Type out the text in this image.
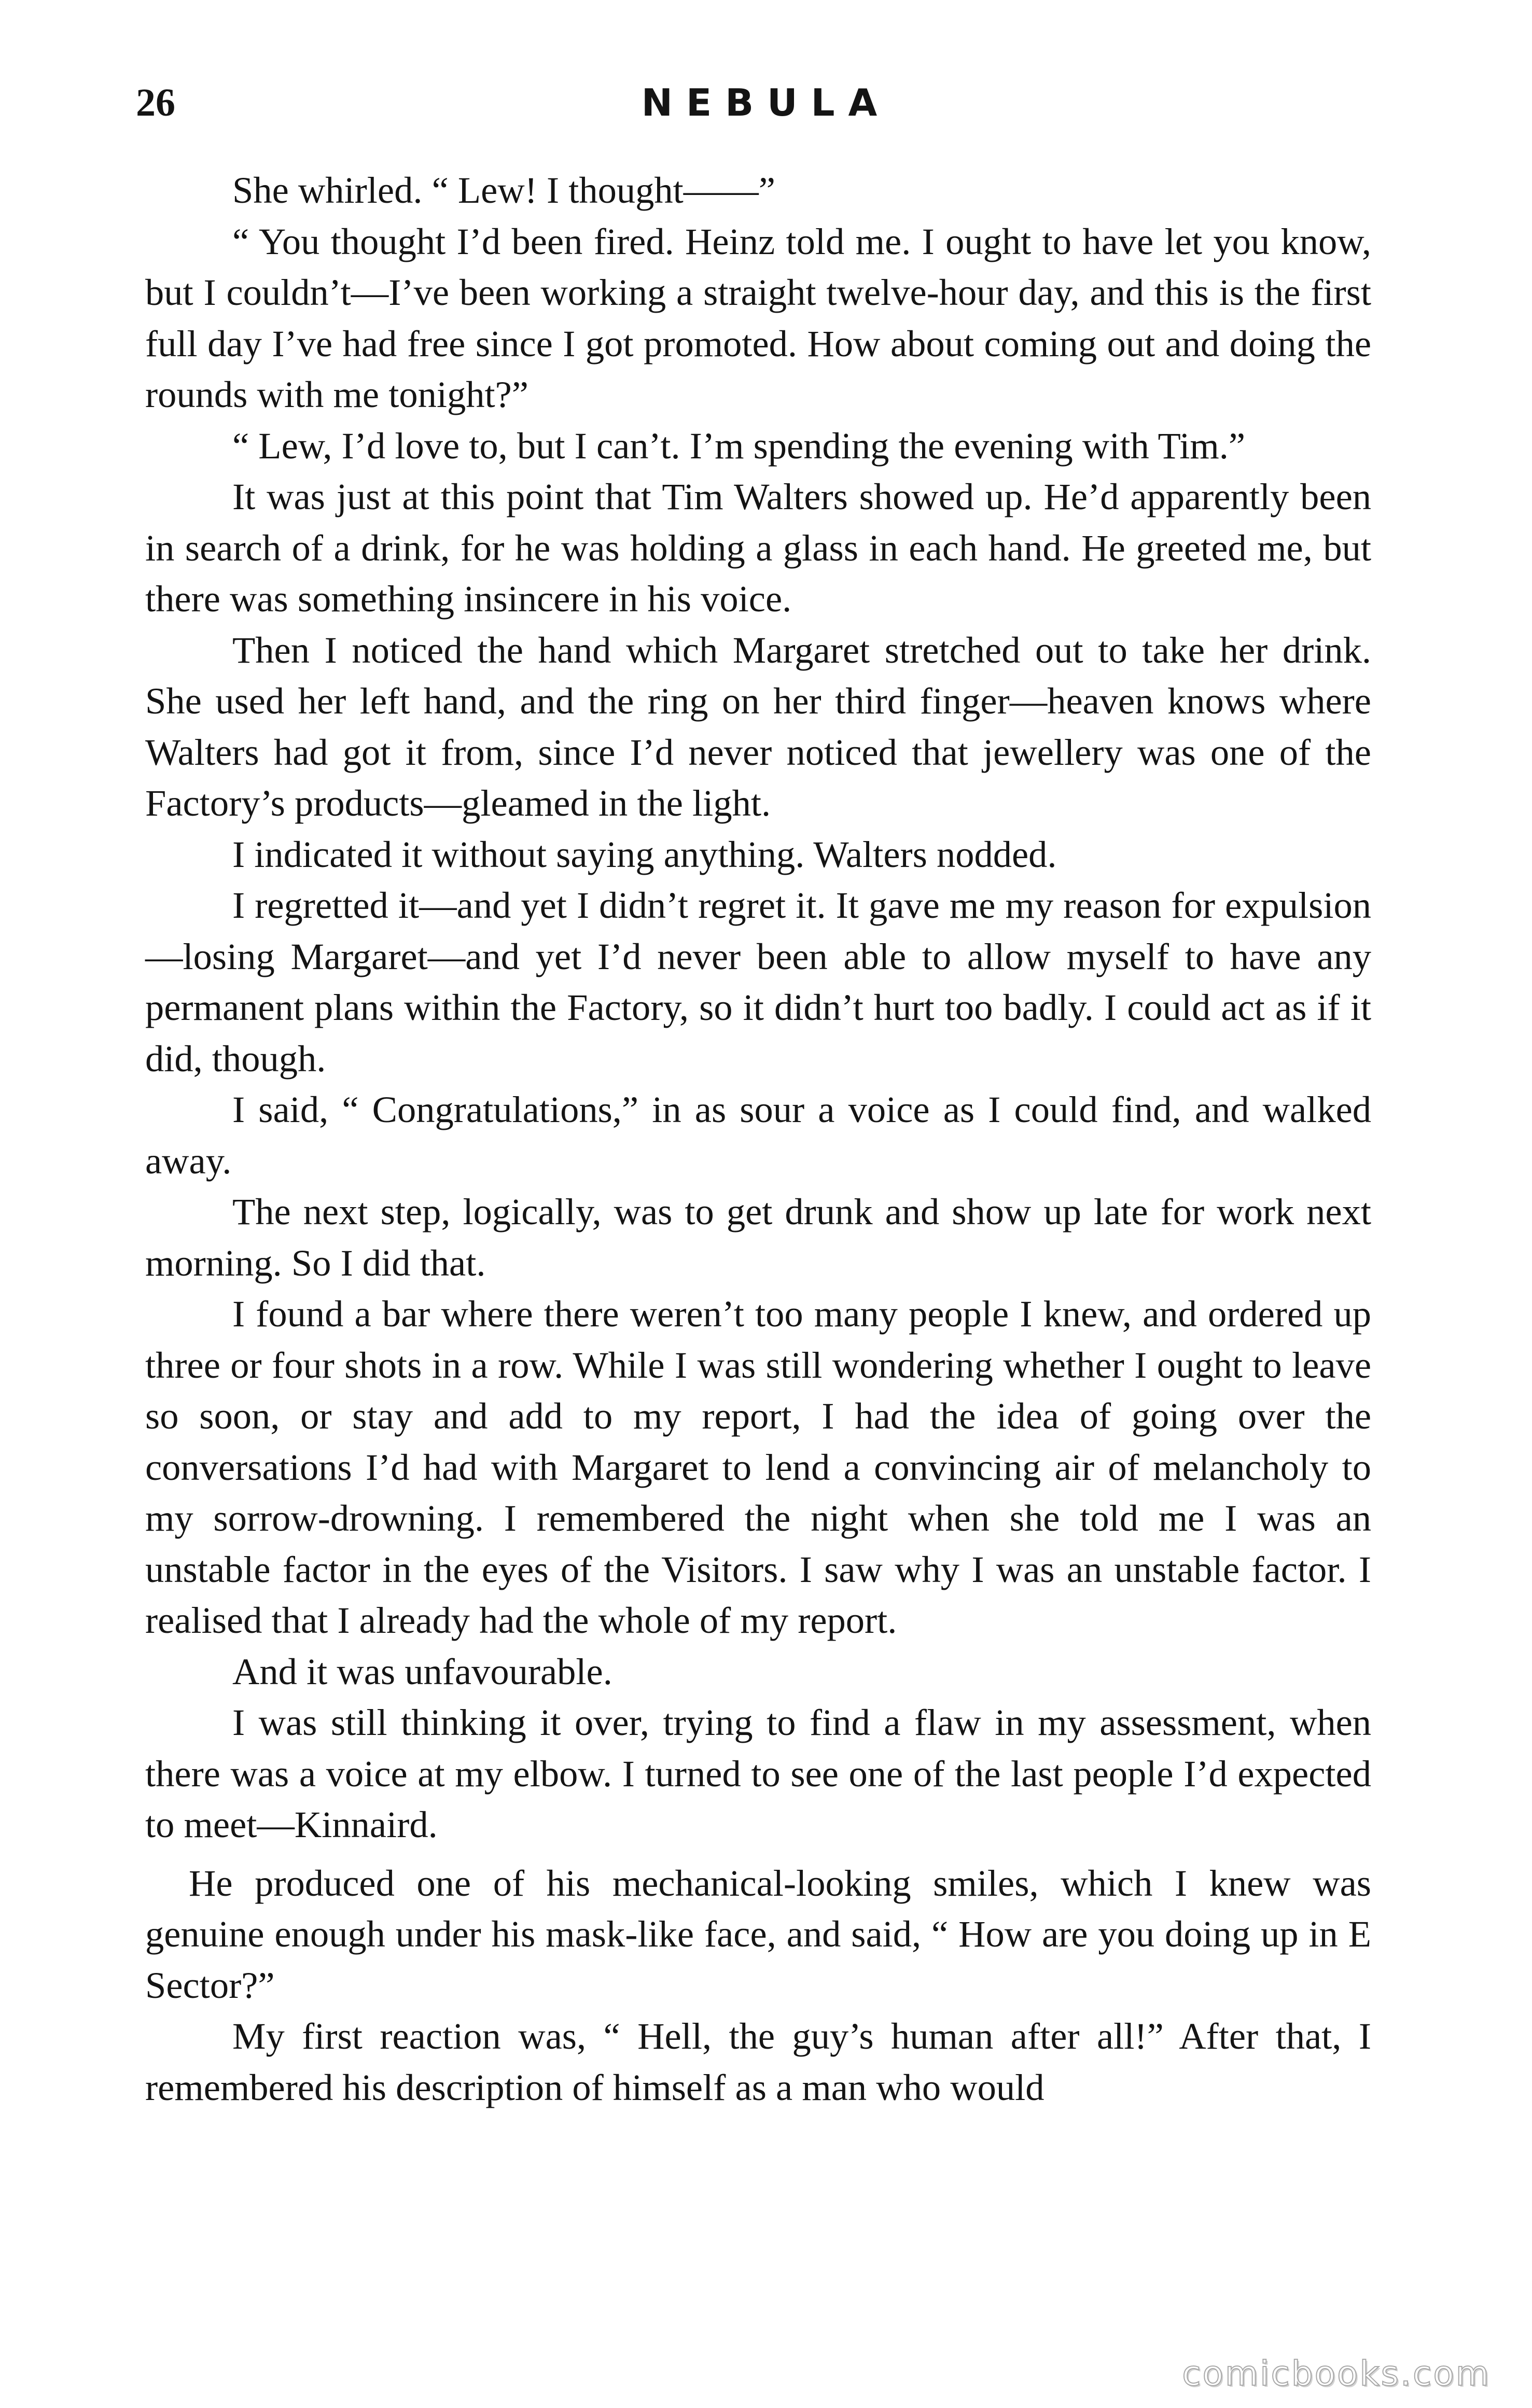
26	NEBULA

She whirled. “ Lew! I thought——”

“ You thought I’d been fired. Heinz told me. I ought to have let you know, but I couldn’t—I’ve been working a straight twelve-hour day, and this is the first full day I’ve had free since I got promoted. How about coming out and doing the rounds with me tonight?”

“ Lew, I’d love to, but I can’t. I’m spending the evening with Tim.”

It was just at this point that Tim Walters showed up. He’d apparently been in search of a drink, for he was holding a glass in each hand. He greeted me, but there was something insincere in his voice.

Then I noticed the hand which Margaret stretched out to take her drink. She used her left hand, and the ring on her third finger—heaven knows where Walters had got it from, since I’d never noticed that jewellery was one of the Factory’s products—gleamed in the light.

I indicated it without saying anything. Walters nodded.

I regretted it—and yet I didn’t regret it. It gave me my reason for expulsion—losing Margaret—and yet I’d never been able to allow myself to have any permanent plans within the Factory, so it didn’t hurt too badly. I could act as if it did, though.

I said, “ Congratulations,” in as sour a voice as I could find, and walked away.

The next step, logically, was to get drunk and show up late for work next morning. So I did that.

I found a bar where there weren’t too many people I knew, and ordered up three or four shots in a row. While I was still wondering whether I ought to leave so soon, or stay and add to my report, I had the idea of going over the conversations I’d had with Margaret to lend a convincing air of melancholy to my sorrow-drowning. I remembered the night when she told me I was an unstable factor in the eyes of the Visitors. I saw why I was an unstable factor. I realised that I already had the whole of my report.

And it was unfavourable.

I was still thinking it over, trying to find a flaw in my assessment, when there was a voice at my elbow. I turned to see one of the last people I’d expected to meet—Kinnaird.

He produced one of his mechanical-looking smiles, which I knew was genuine enough under his mask-like face, and said, “ How are you doing up in E Sector?”

My first reaction was, “ Hell, the guy’s human after all!” After that, I remembered his description of himself as a man who would

comicbooks.com
